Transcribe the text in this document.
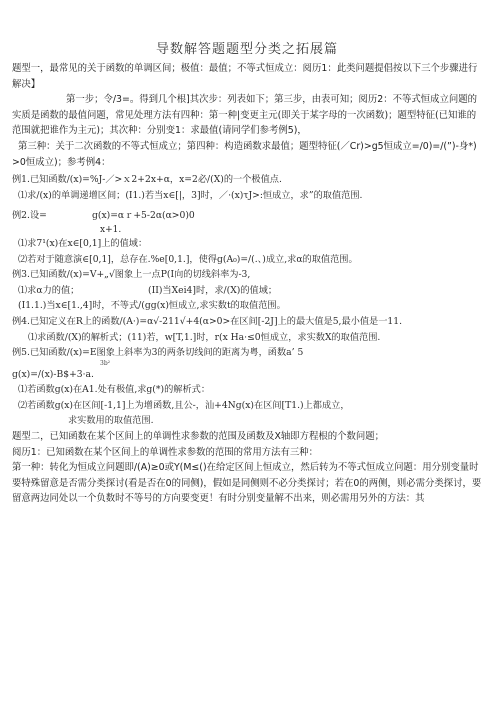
导数解答题题型分类之拓展篇

题型一，最常见的关于函数的单调区间；极值：最值；不等式恒成立：阅历1：此类问题提倡按以下三个步骤进行解决】

第一步；令/3=。得到几个根]其次步：列表如下；第三步，由表可知；阅历2：不等式恒成立问题的实质是函数的最值问题，常见处理方法有四种：第一种|变更主元(即关于某字母的一次函数)；题型特征(已知谁的范围就把谁作为主元)；其次种：分别变1：求最值(请同学们参考例5)，

第三种：关于二次函数的不等式恒成立；第四种：构造函数求最值；题型特征(／Cr)>g5恒成立=/0)=/(”)-身*)>0恒成立)；参考例4：

例1.已知函数/(x)=%J-／>ｘ2+2x+α，x=2必/(X)的一个极值点.

⑴求/(x)的单调递增区间；(I1.)若当x∈[|，3]时，／·(x)τJ>:恒成立，求”的取值范围.

例2.设=	g(x)=αｒ+5-2α(α>0)0

x+1.

⑴求7¹(x)在x∈[0,1]上的值域：

⑵若对于随意演∈[0,1]，总存在.%e[0,1.]，使得g(A₀)=/(.、)成立,求α的取值范围。

例3.已知函数/(x)=V+„√图象上一点P(I向的切线斜率为-3,

⑴求α力的值；	(II)当Xei4]时，求/(X)的值域；

(I1.1.)当x∈[1.,4]时，不等式/(gg(x)恒成立,求实数t的取值范围。

例4.已知定义在R上的函数/(A·)=α√-211√+4(α>0>在区间[-2J]上的最大值是5,最小值是一11.

⑴求函数/(X)的解析式；(11)若，w[T,1.]时，r(x Ha·≤0恒成立，求实数X的取值范围.

例5.已知函数/(x)=E图象上斜率为3的两条切线间的距离为粤，函数a’ 5

3b²

g(x)=/(x)-B$+3·a.

⑴若函数g(x)在A1.处有极值,求g(*)的解析式：

⑵若函数g(x)在区间[-1,1]上为增函数,且公-，汕+4Ng(x)在区间[T1.)上都成立，

求实数用的取值范围.

题型二，已知函数在某个区间上的单调性求参数的范围及函数及X轴即方程根的个数问题；

阅历1：已知函数在某个区间上的单调性求参数的范围的常用方法有三种：

第一种：转化为恒成立问题即/(A)≥0或Y(M≤()在给定区间上恒成立，然后转为不等式恒成立问题：用分别变量时要特殊留意是否需分类探讨(看是否在0的同侧)，假如是同侧则不必分类探讨；若在0的两侧，则必需分类探讨，要留意两边同处以一个负数时不等号的方向要变更！有时分别变量解不出来，则必需用另外的方法：其
